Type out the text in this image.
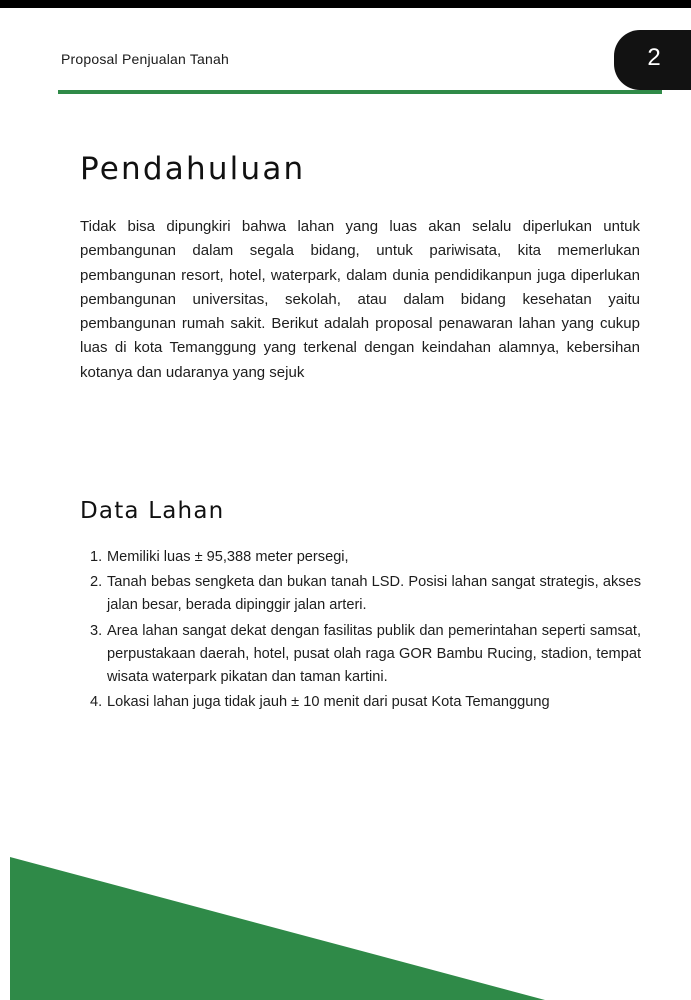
Proposal Penjualan Tanah	2
Pendahuluan

Tidak bisa dipungkiri bahwa lahan yang luas akan selalu diperlukan untuk pembangunan dalam segala bidang, untuk pariwisata, kita memerlukan pembangunan resort, hotel, waterpark, dalam dunia pendidikanpun juga diperlukan pembangunan universitas, sekolah, atau dalam bidang kesehatan yaitu pembangunan rumah sakit. Berikut adalah proposal penawaran lahan yang cukup luas di kota Temanggung yang terkenal dengan keindahan alamnya, kebersihan kotanya dan udaranya yang sejuk

Data Lahan
1. Memiliki luas ± 95,388 meter persegi,
2. Tanah bebas sengketa dan bukan tanah LSD. Posisi lahan sangat strategis, akses jalan besar, berada dipinggir jalan arteri.
3. Area lahan sangat dekat dengan fasilitas publik dan pemerintahan seperti samsat, perpustakaan daerah, hotel, pusat olah raga GOR Bambu Rucing, stadion, tempat wisata waterpark pikatan dan taman kartini.
4. Lokasi lahan juga tidak jauh ± 10 menit dari pusat Kota Temanggung
